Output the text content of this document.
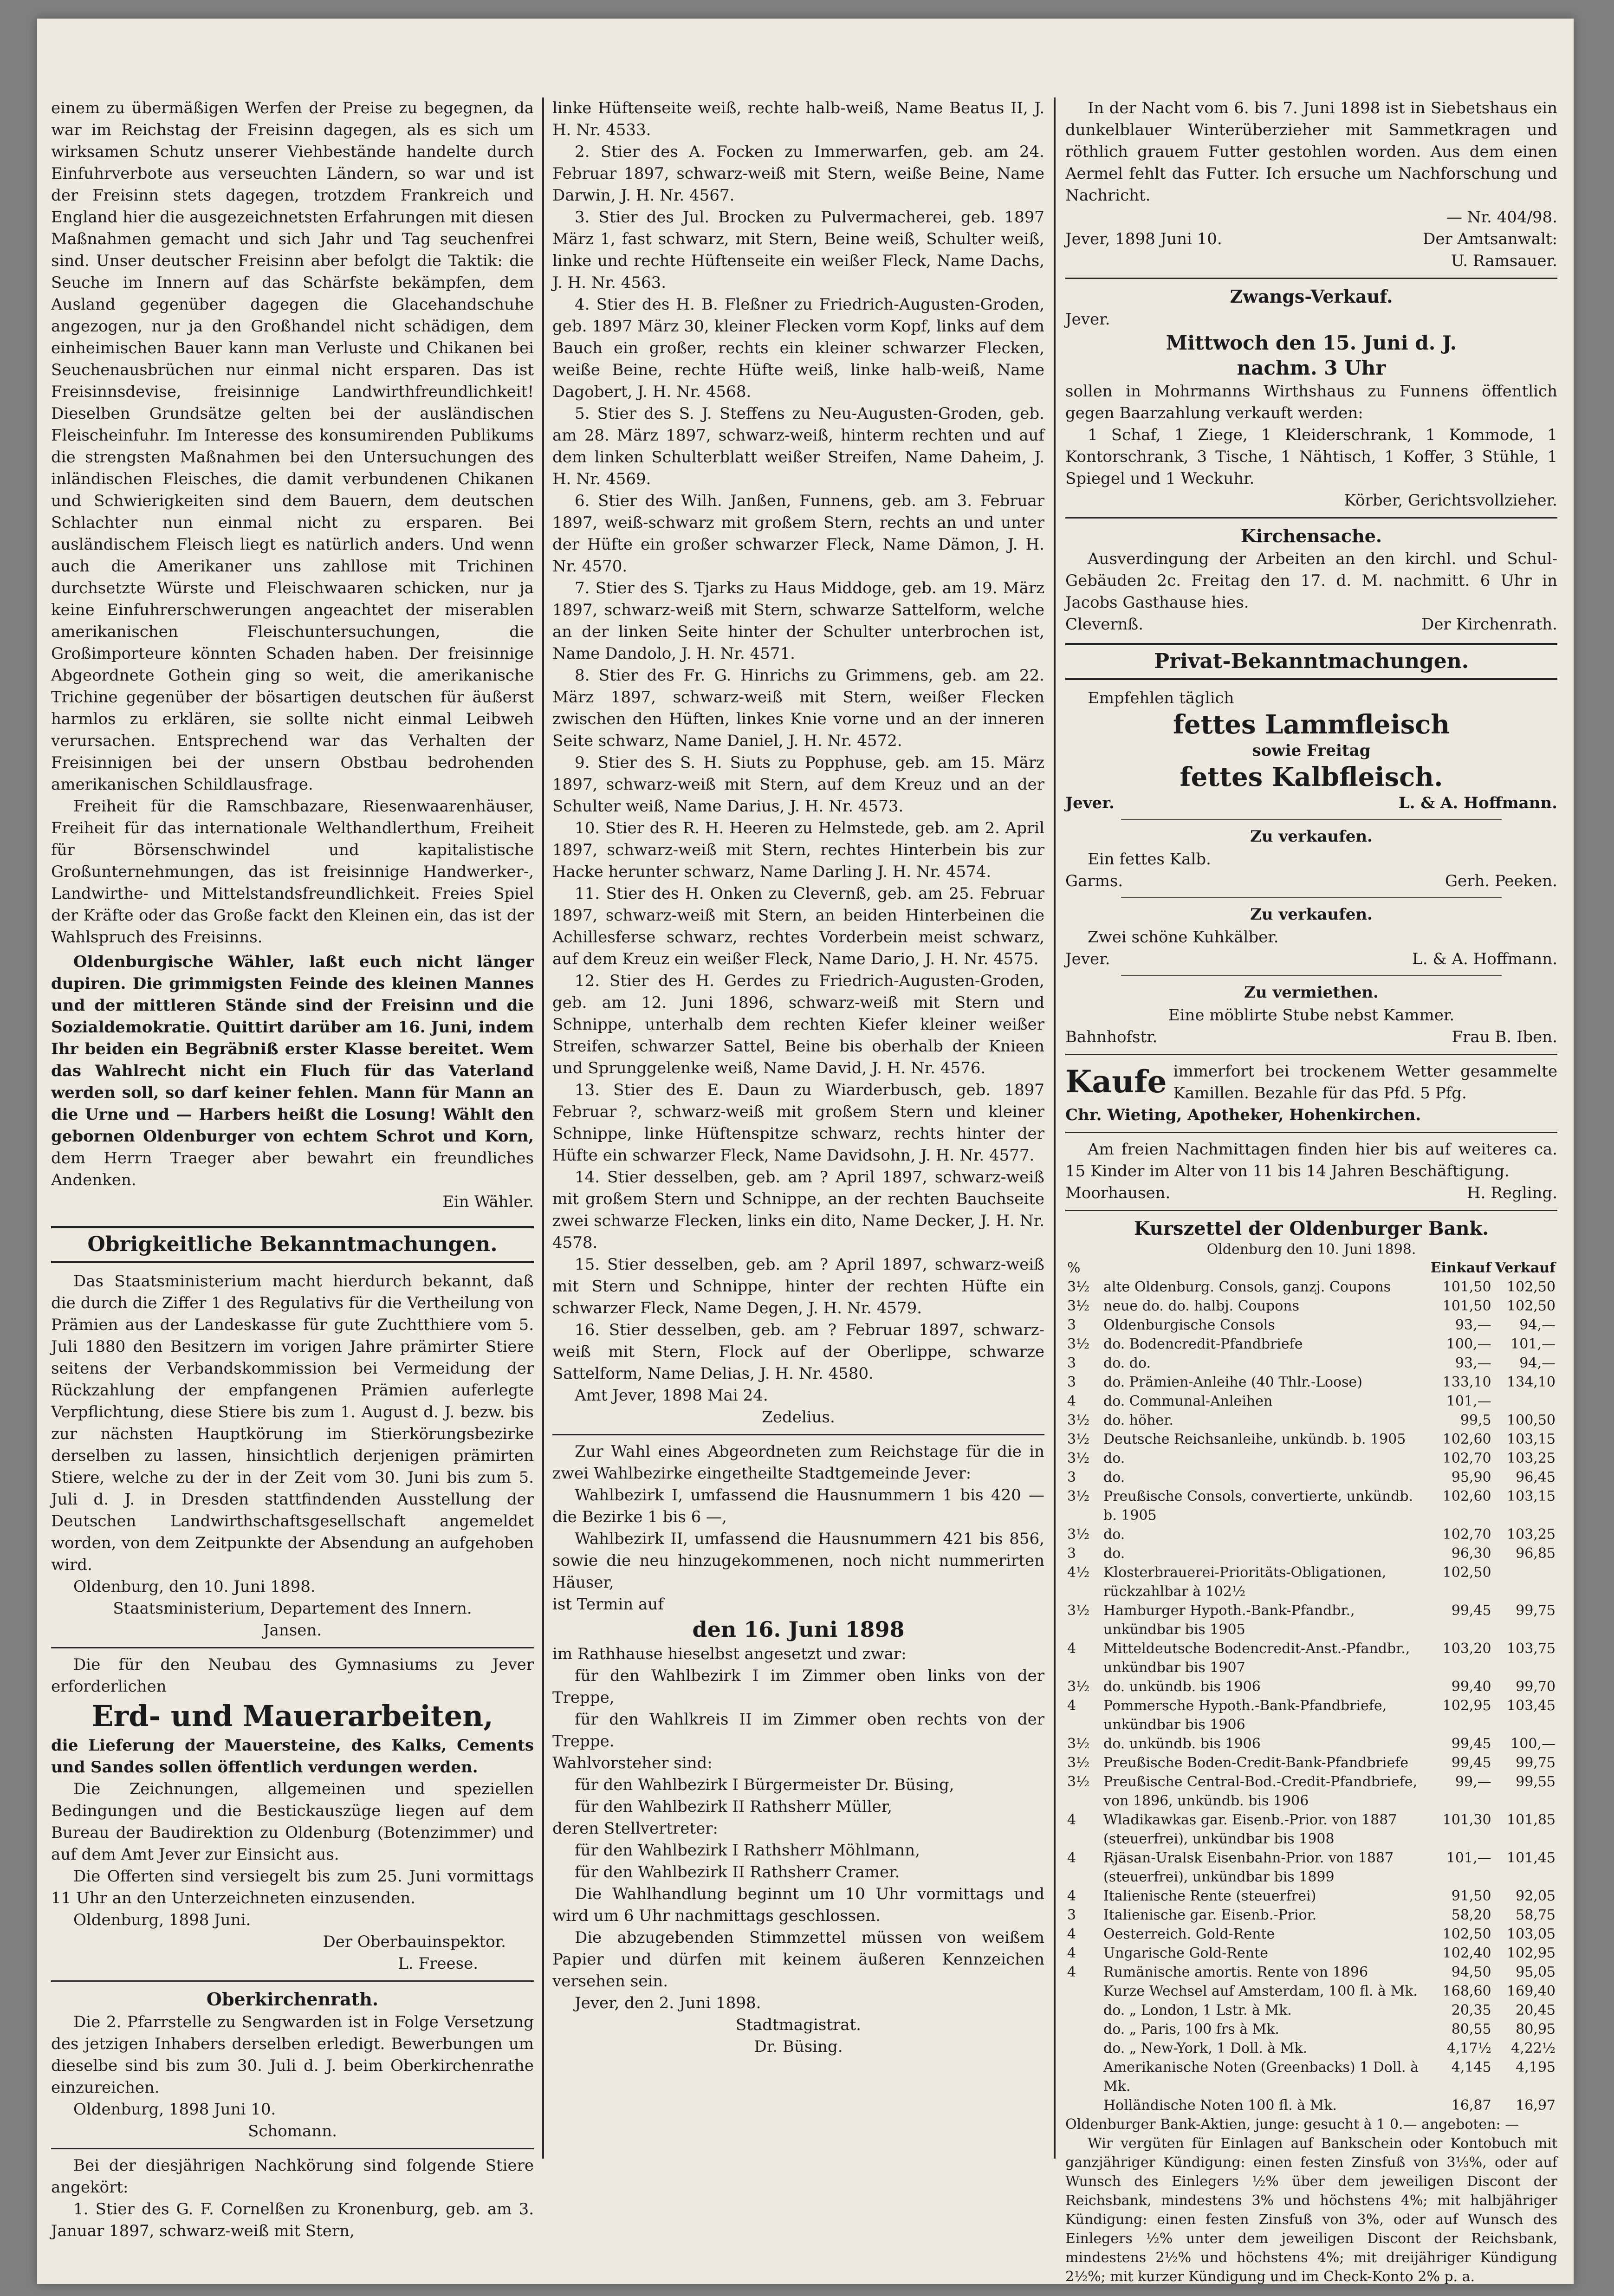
einem zu übermäßigen Werfen der Preise zu begegnen, da war im Reichstag der Freisinn dagegen, als es sich um wirksamen Schutz unserer Viehbestände handelte durch Einfuhrverbote aus verseuchten Ländern, so war und ist der Freisinn stets dagegen, trotzdem Frankreich und England hier die ausgezeichnetsten Erfahrungen mit diesen Maßnahmen gemacht und sich Jahr und Tag seuchenfrei sind. Unser deutscher Freisinn aber befolgt die Taktik: die Seuche im Innern auf das Schärfste bekämpfen, dem Ausland gegenüber dagegen die Glacehandschuhe angezogen, nur ja den Großhandel nicht schädigen, dem einheimischen Bauer kann man Verluste und Chikanen bei Seuchenausbrüchen nur einmal nicht ersparen. Das ist Freisinnsdevise, freisinnige Landwirthfreundlichkeit! Dieselben Grundsätze gelten bei der ausländischen Fleischeinfuhr. Im Interesse des konsumirenden Publikums die strengsten Maßnahmen bei den Untersuchungen des inländischen Fleisches, die damit verbundenen Chikanen und Schwierigkeiten sind dem Bauern, dem deutschen Schlachter nun einmal nicht zu ersparen. Bei ausländischem Fleisch liegt es natürlich anders. Und wenn auch die Amerikaner uns zahllose mit Trichinen durchsetzte Würste und Fleischwaaren schicken, nur ja keine Einfuhrerschwerungen angeachtet der miserablen amerikanischen Fleischuntersuchungen, die Großimporteure könnten Schaden haben. Der freisinnige Abgeordnete Gothein ging so weit, die amerikanische Trichine gegenüber der bösartigen deutschen für äußerst harmlos zu erklären, sie sollte nicht einmal Leibweh verursachen. Entsprechend war das Verhalten der Freisinnigen bei der unsern Obstbau bedrohenden amerikanischen Schildlausfrage.

Freiheit für die Ramschbazare, Riesenwaarenhäuser, Freiheit für das internationale Welthandlerthum, Freiheit für Börsenschwindel und kapitalistische Großunternehmungen, das ist freisinnige Handwerker-, Landwirthe- und Mittelstandsfreundlichkeit. Freies Spiel der Kräfte oder das Große fackt den Kleinen ein, das ist der Wahlspruch des Freisinns.

Oldenburgische Wähler, laßt euch nicht länger dupiren. Die grimmigsten Feinde des kleinen Mannes und der mittleren Stände sind der Freisinn und die Sozialdemokratie. Quittirt darüber am 16. Juni, indem Ihr beiden ein Begräbniß erster Klasse bereitet. Wem das Wahlrecht nicht ein Fluch für das Vaterland werden soll, so darf keiner fehlen. Mann für Mann an die Urne und — Harbers heißt die Losung! Wählt den gebornen Oldenburger von echtem Schrot und Korn, dem Herrn Traeger aber bewahrt ein freundliches Andenken.

Ein Wähler.

Obrigkeitliche Bekanntmachungen.

Das Staatsministerium macht hierdurch bekannt, daß die durch die Ziffer 1 des Regulativs für die Vertheilung von Prämien aus der Landeskasse für gute Zuchtthiere vom 5. Juli 1880 den Besitzern im vorigen Jahre prämirter Stiere seitens der Verbandskommission bei Vermeidung der Rückzahlung der empfangenen Prämien auferlegte Verpflichtung, diese Stiere bis zum 1. August d. J. bezw. bis zur nächsten Hauptkörung im Stierkörungsbezirke derselben zu lassen, hinsichtlich derjenigen prämirten Stiere, welche zu der in der Zeit vom 30. Juni bis zum 5. Juli d. J. in Dresden stattfindenden Ausstellung der Deutschen Landwirthschaftsgesellschaft angemeldet worden, von dem Zeitpunkte der Absendung an aufgehoben wird.

Oldenburg, den 10. Juni 1898.

Staatsministerium, Departement des Innern.

Jansen.

Die für den Neubau des Gymnasiums zu Jever erforderlichen

Erd- und Mauerarbeiten,

die Lieferung der Mauersteine, des Kalks, Cements und Sandes sollen öffentlich verdungen werden.

Die Zeichnungen, allgemeinen und speziellen Bedingungen und die Bestickauszüge liegen auf dem Bureau der Baudirektion zu Oldenburg (Botenzimmer) und auf dem Amt Jever zur Einsicht aus.

Die Offerten sind versiegelt bis zum 25. Juni vormittags 11 Uhr an den Unterzeichneten einzusenden.

Oldenburg, 1898 Juni.

Der Oberbauinspektor.

L. Freese.

Oberkirchenrath.

Die 2. Pfarrstelle zu Sengwarden ist in Folge Versetzung des jetzigen Inhabers derselben erledigt. Bewerbungen um dieselbe sind bis zum 30. Juli d. J. beim Oberkirchenrathe einzureichen.

Oldenburg, 1898 Juni 10.

Schomann.

Bei der diesjährigen Nachkörung sind folgende Stiere angekört:

1. Stier des G. F. Cornelßen zu Kronenburg, geb. am 3. Januar 1897, schwarz-weiß mit Stern,

linke Hüftenseite weiß, rechte halb-weiß, Name Beatus II, J. H. Nr. 4533.

2. Stier des A. Focken zu Immerwarfen, geb. am 24. Februar 1897, schwarz-weiß mit Stern, weiße Beine, Name Darwin, J. H. Nr. 4567.

3. Stier des Jul. Brocken zu Pulvermacherei, geb. 1897 März 1, fast schwarz, mit Stern, Beine weiß, Schulter weiß, linke und rechte Hüftenseite ein weißer Fleck, Name Dachs, J. H. Nr. 4563.

4. Stier des H. B. Fleßner zu Friedrich-Augusten-Groden, geb. 1897 März 30, kleiner Flecken vorm Kopf, links auf dem Bauch ein großer, rechts ein kleiner schwarzer Flecken, weiße Beine, rechte Hüfte weiß, linke halb-weiß, Name Dagobert, J. H. Nr. 4568.

5. Stier des S. J. Steffens zu Neu-Augusten-Groden, geb. am 28. März 1897, schwarz-weiß, hinterm rechten und auf dem linken Schulterblatt weißer Streifen, Name Daheim, J. H. Nr. 4569.

6. Stier des Wilh. Janßen, Funnens, geb. am 3. Februar 1897, weiß-schwarz mit großem Stern, rechts an und unter der Hüfte ein großer schwarzer Fleck, Name Dämon, J. H. Nr. 4570.

7. Stier des S. Tjarks zu Haus Middoge, geb. am 19. März 1897, schwarz-weiß mit Stern, schwarze Sattelform, welche an der linken Seite hinter der Schulter unterbrochen ist, Name Dandolo, J. H. Nr. 4571.

8. Stier des Fr. G. Hinrichs zu Grimmens, geb. am 22. März 1897, schwarz-weiß mit Stern, weißer Flecken zwischen den Hüften, linkes Knie vorne und an der inneren Seite schwarz, Name Daniel, J. H. Nr. 4572.

9. Stier des S. H. Siuts zu Popphuse, geb. am 15. März 1897, schwarz-weiß mit Stern, auf dem Kreuz und an der Schulter weiß, Name Darius, J. H. Nr. 4573.

10. Stier des R. H. Heeren zu Helmstede, geb. am 2. April 1897, schwarz-weiß mit Stern, rechtes Hinterbein bis zur Hacke herunter schwarz, Name Darling J. H. Nr. 4574.

11. Stier des H. Onken zu Clevernß, geb. am 25. Februar 1897, schwarz-weiß mit Stern, an beiden Hinterbeinen die Achillesferse schwarz, rechtes Vorderbein meist schwarz, auf dem Kreuz ein weißer Fleck, Name Dario, J. H. Nr. 4575.

12. Stier des H. Gerdes zu Friedrich-Augusten-Groden, geb. am 12. Juni 1896, schwarz-weiß mit Stern und Schnippe, unterhalb dem rechten Kiefer kleiner weißer Streifen, schwarzer Sattel, Beine bis oberhalb der Knieen und Sprunggelenke weiß, Name David, J. H. Nr. 4576.

13. Stier des E. Daun zu Wiarderbusch, geb. 1897 Februar ?, schwarz-weiß mit großem Stern und kleiner Schnippe, linke Hüftenspitze schwarz, rechts hinter der Hüfte ein schwarzer Fleck, Name Davidsohn, J. H. Nr. 4577.

14. Stier desselben, geb. am ? April 1897, schwarz-weiß mit großem Stern und Schnippe, an der rechten Bauchseite zwei schwarze Flecken, links ein dito, Name Decker, J. H. Nr. 4578.

15. Stier desselben, geb. am ? April 1897, schwarz-weiß mit Stern und Schnippe, hinter der rechten Hüfte ein schwarzer Fleck, Name Degen, J. H. Nr. 4579.

16. Stier desselben, geb. am ? Februar 1897, schwarz-weiß mit Stern, Flock auf der Oberlippe, schwarze Sattelform, Name Delias, J. H. Nr. 4580.

Amt Jever, 1898 Mai 24.

Zedelius.

Zur Wahl eines Abgeordneten zum Reichstage für die in zwei Wahlbezirke eingetheilte Stadtgemeinde Jever:

Wahlbezirk I, umfassend die Hausnummern 1 bis 420 — die Bezirke 1 bis 6 —,

Wahlbezirk II, umfassend die Hausnummern 421 bis 856, sowie die neu hinzugekommenen, noch nicht nummerirten Häuser,

ist Termin auf

den 16. Juni 1898

im Rathhause hieselbst angesetzt und zwar:

für den Wahlbezirk I im Zimmer oben links von der Treppe,

für den Wahlkreis II im Zimmer oben rechts von der Treppe.

Wahlvorsteher sind:

für den Wahlbezirk I Bürgermeister Dr. Büsing,

für den Wahlbezirk II Rathsherr Müller,

deren Stellvertreter:

für den Wahlbezirk I Rathsherr Möhlmann,

für den Wahlbezirk II Rathsherr Cramer.

Die Wahlhandlung beginnt um 10 Uhr vormittags und wird um 6 Uhr nachmittags geschlossen.

Die abzugebenden Stimmzettel müssen von weißem Papier und dürfen mit keinem äußeren Kennzeichen versehen sein.

Jever, den 2. Juni 1898.

Stadtmagistrat.

Dr. Büsing.

In der Nacht vom 6. bis 7. Juni 1898 ist in Siebetshaus ein dunkelblauer Winterüberzieher mit Sammetkragen und röthlich grauem Futter gestohlen worden. Aus dem einen Aermel fehlt das Futter. Ich ersuche um Nachforschung und Nachricht.

— Nr. 404/98.

Jever, 1898 Juni 10.	Der Amtsanwalt:

U. Ramsauer.

Zwangs-Verkauf.

Jever.

Mittwoch den 15. Juni d. J.
nachm. 3 Uhr

sollen in Mohrmanns Wirthshaus zu Funnens öffentlich gegen Baarzahlung verkauft werden:

1 Schaf, 1 Ziege, 1 Kleiderschrank, 1 Kommode, 1 Kontorschrank, 3 Tische, 1 Nähtisch, 1 Koffer, 3 Stühle, 1 Spiegel und 1 Weckuhr.

Körber, Gerichtsvollzieher.

Kirchensache.

Ausverdingung der Arbeiten an den kirchl. und Schul-Gebäuden 2c. Freitag den 17. d. M. nachmitt. 6 Uhr in Jacobs Gasthause hies.

Clevernß.	Der Kirchenrath.
Privat-Bekanntmachungen.

Empfehlen täglich

fettes Lammfleisch

sowie Freitag

fettes Kalbfleisch.
Jever.	L. & A. Hoffmann.
Zu verkaufen.

Ein fettes Kalb.

Garms.	Gerh. Peeken.
Zu verkaufen.

Zwei schöne Kuhkälber.

Jever.	L. & A. Hoffmann.
Zu vermiethen.

Eine möblirte Stube nebst Kammer.

Bahnhofstr.	Frau B. Iben.
Kaufe immerfort bei trockenem Wetter gesammelte Kamillen. Bezahle für das Pfd. 5 Pfg.

Chr. Wieting, Apotheker, Hohenkirchen.

Am freien Nachmittagen finden hier bis auf weiteres ca. 15 Kinder im Alter von 11 bis 14 Jahren Beschäftigung.

Moorhausen.	H. Regling.
Kurszettel der Oldenburger Bank.

Oldenburg den 10. Juni 1898.

%		Einkauf	Verkauf
3½	alte Oldenburg. Consols, ganzj. Coupons	101,50	102,50
3½	neue do. do. halbj. Coupons	101,50	102,50
3	Oldenburgische Consols	93,—	94,—
3½	do. Bodencredit-Pfandbriefe	100,—	101,—
3	do. do.	93,—	94,—
3	do. Prämien-Anleihe (40 Thlr.-Loose)	133,10	134,10
4	do. Communal-Anleihen	101,—	
3½	do. höher.	99,5	100,50
3½	Deutsche Reichsanleihe, unkündb. b. 1905	102,60	103,15
3½	do.	102,70	103,25
3	do.	95,90	96,45
3½	Preußische Consols, convertierte, unkündb. b. 1905	102,60	103,15
3½	do.	102,70	103,25
3	do.	96,30	96,85
4½	Klosterbrauerei-Prioritäts-Obligationen, rückzahlbar à 102½	102,50	
3½	Hamburger Hypoth.-Bank-Pfandbr., unkündbar bis 1905	99,45	99,75
4	Mitteldeutsche Bodencredit-Anst.-Pfandbr., unkündbar bis 1907	103,20	103,75
3½	do. unkündb. bis 1906	99,40	99,70
4	Pommersche Hypoth.-Bank-Pfandbriefe, unkündbar bis 1906	102,95	103,45
3½	do. unkündb. bis 1906	99,45	100,—
3½	Preußische Boden-Credit-Bank-Pfandbriefe	99,45	99,75
3½	Preußische Central-Bod.-Credit-Pfandbriefe, von 1896, unkündb. bis 1906	99,—	99,55
4	Wladikawkas gar. Eisenb.-Prior. von 1887 (steuerfrei), unkündbar bis 1908	101,30	101,85
4	Rjäsan-Uralsk Eisenbahn-Prior. von 1887 (steuerfrei), unkündbar bis 1899	101,—	101,45
4	Italienische Rente (steuerfrei)	91,50	92,05
3	Italienische gar. Eisenb.-Prior.	58,20	58,75
4	Oesterreich. Gold-Rente	102,50	103,05
4	Ungarische Gold-Rente	102,40	102,95
4	Rumänische amortis. Rente von 1896	94,50	95,05
	Kurze Wechsel auf Amsterdam, 100 fl. à Mk.	168,60	169,40
	do. „ London, 1 Lstr. à Mk.	20,35	20,45
	do. „ Paris, 100 frs à Mk.	80,55	80,95
	do. „ New-York, 1 Doll. à Mk.	4,17½	4,22½
	Amerikanische Noten (Greenbacks) 1 Doll. à Mk.	4,145	4,195
	Holländische Noten 100 fl. à Mk.	16,87	16,97

Oldenburger Bank-Aktien, junge: gesucht à 1 0.— angeboten: —

Wir vergüten für Einlagen auf Bankschein oder Kontobuch mit ganzjähriger Kündigung: einen festen Zinsfuß von 3⅓%, oder auf Wunsch des Einlegers ½% über dem jeweiligen Discont der Reichsbank, mindestens 3% und höchstens 4%; mit halbjähriger Kündigung: einen festen Zinsfuß von 3%, oder auf Wunsch des Einlegers ½% unter dem jeweiligen Discont der Reichsbank, mindestens 2½% und höchstens 4%; mit dreijähriger Kündigung 2½%; mit kurzer Kündigung und im Check-Konto 2% p. a.
